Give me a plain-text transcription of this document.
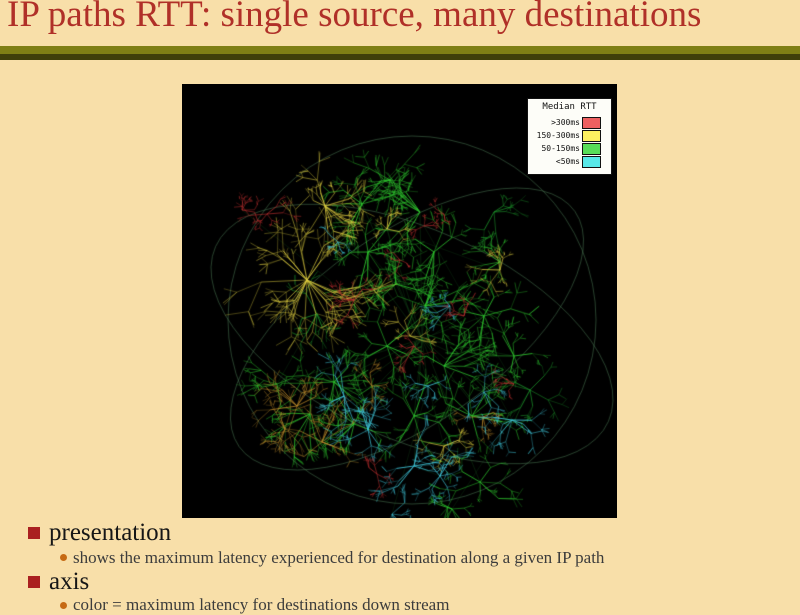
IP paths RTT: single source, many destinations
Median RTT
>300ms
150-300ms
50-150ms
<50ms
presentation
shows the maximum latency experienced for destination along a given IP path
axis
color = maximum latency for destinations down stream
